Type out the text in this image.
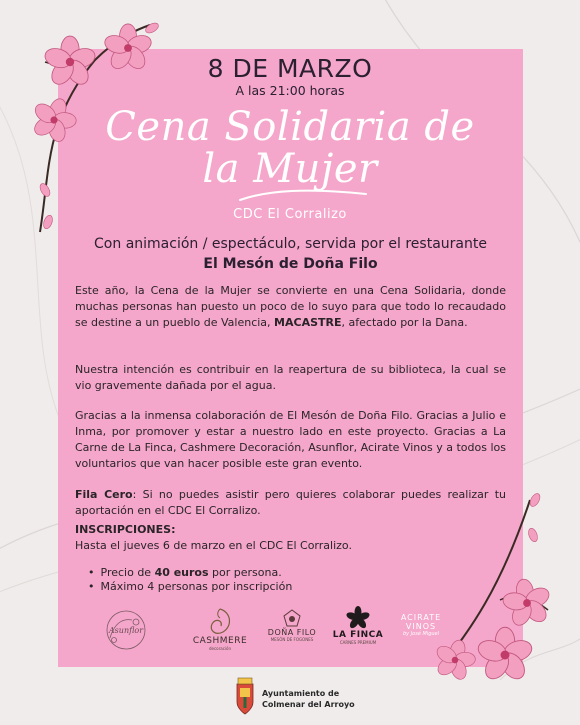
8 DE MARZO
A las 21:00 horas
Cena Solidaria de
la Mujer
CDC El Corralizo
Con animación / espectáculo, servida por el restaurante
El Mesón de Doña Filo
Este año, la Cena de la Mujer se convierte en una Cena Solidaria, donde muchas personas han puesto un poco de lo suyo para que todo lo recaudado se destine a un pueblo de Valencia, MACASTRE, afectado por la Dana.
Nuestra intención es contribuir en la reapertura de su biblioteca, la cual se vio gravemente dañada por el agua.
Gracias a la inmensa colaboración de El Mesón de Doña Filo. Gracias a Julio e Inma, por promover y estar a nuestro lado en este proyecto. Gracias a La Carne de La Finca, Cashmere Decoración, Asunflor, Acirate Vinos y a todos los voluntarios que van hacer posible este gran evento.
Fila Cero: Si no puedes asistir pero quieres colaborar puedes realizar tu aportación en el CDC El Corralizo.
INSCRIPCIONES:
Hasta el jueves 6 de marzo en el CDC El Corralizo.
• Precio de 40 euros por persona.
• Máximo 4 personas por inscripción
Asunflor
CASHMERE
decoración
DOÑA FILO
MESÓN DE FOGONES	LA FINCA
CARNES PREMIUM
ACIRATE
VINOS
by José Miguel
Ayuntamiento de
Colmenar del Arroyo
